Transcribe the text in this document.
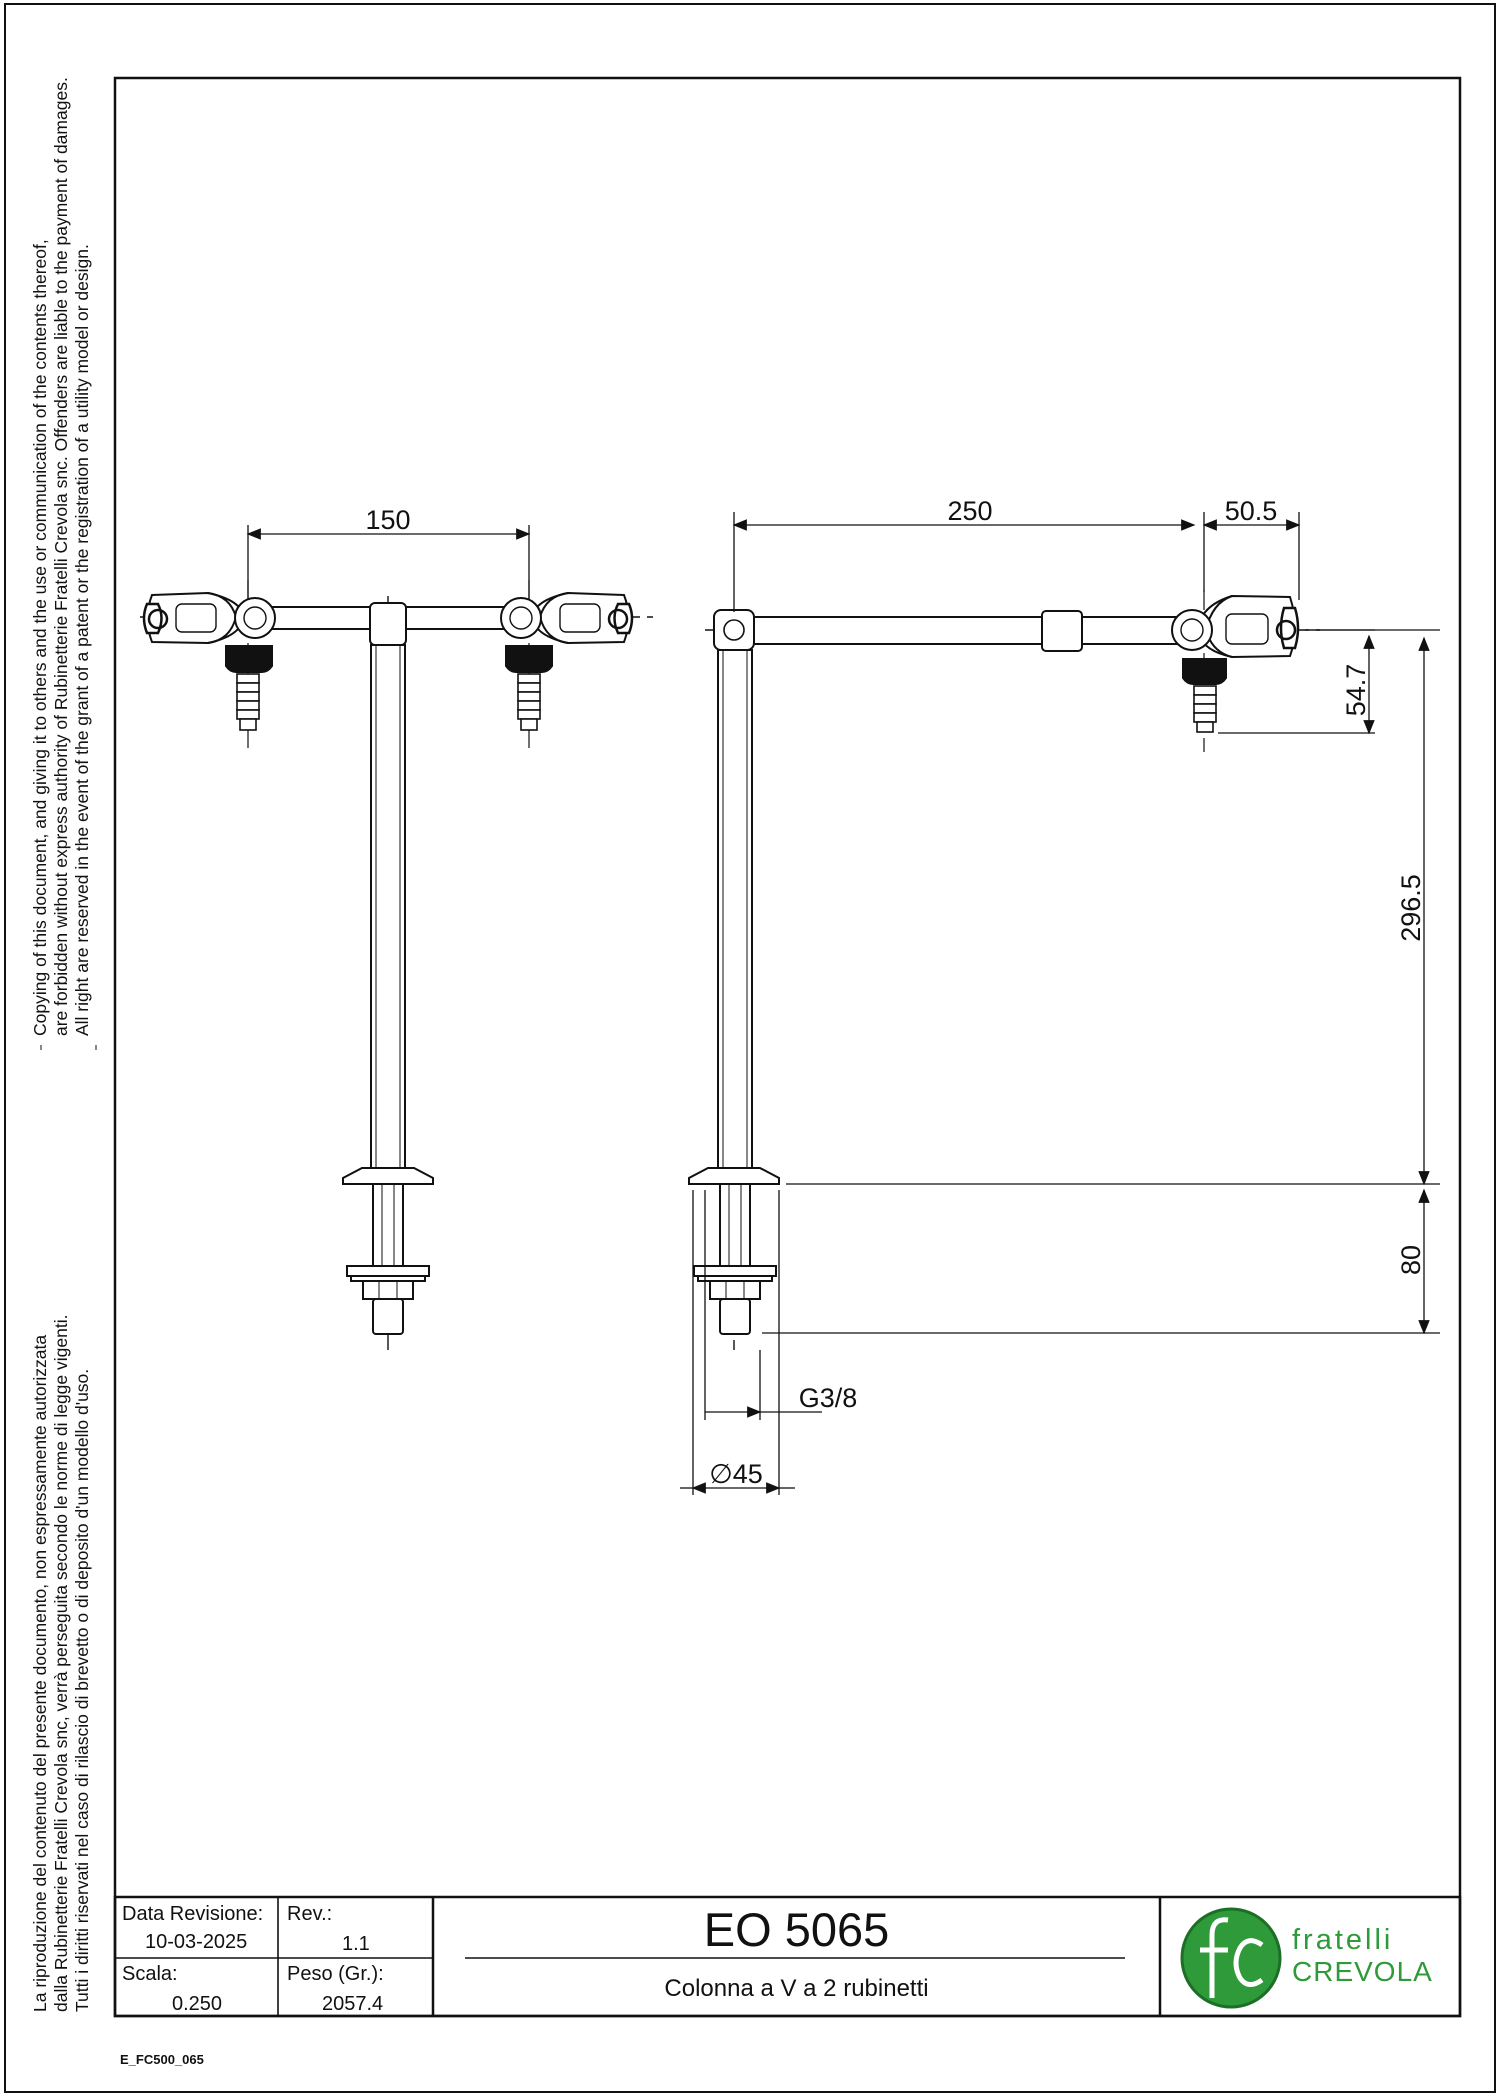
150	250	50.5
54.7
296.5
80
G3/8
∅45
Copying of this document, and giving it to others and the use or communication of the contents thereof, are forbidden without express authority of Rubinetterie Fratelli Crevola snc. Offenders are liable to the payment of damages. All right are reserved in the event of the grant of a patent or the registration of a utility model or design.
La riproduzione del contenuto del presente documento, non espressamente autorizzata dalla Rubinetterie Fratelli Crevola snc, verrà perseguita secondo le norme di legge vigenti. Tutti i diritti riservati nel caso di rilascio di brevetto o di deposito d'un modello d'uso. Data Revisione:
10-03-2025
Rev.:
1.1
Scala:
0.250
Peso (Gr.):
2057.4
EO 5065
Colonna a V a 2 rubinetti
fratelli
CREVOLA
E_FC500_065
